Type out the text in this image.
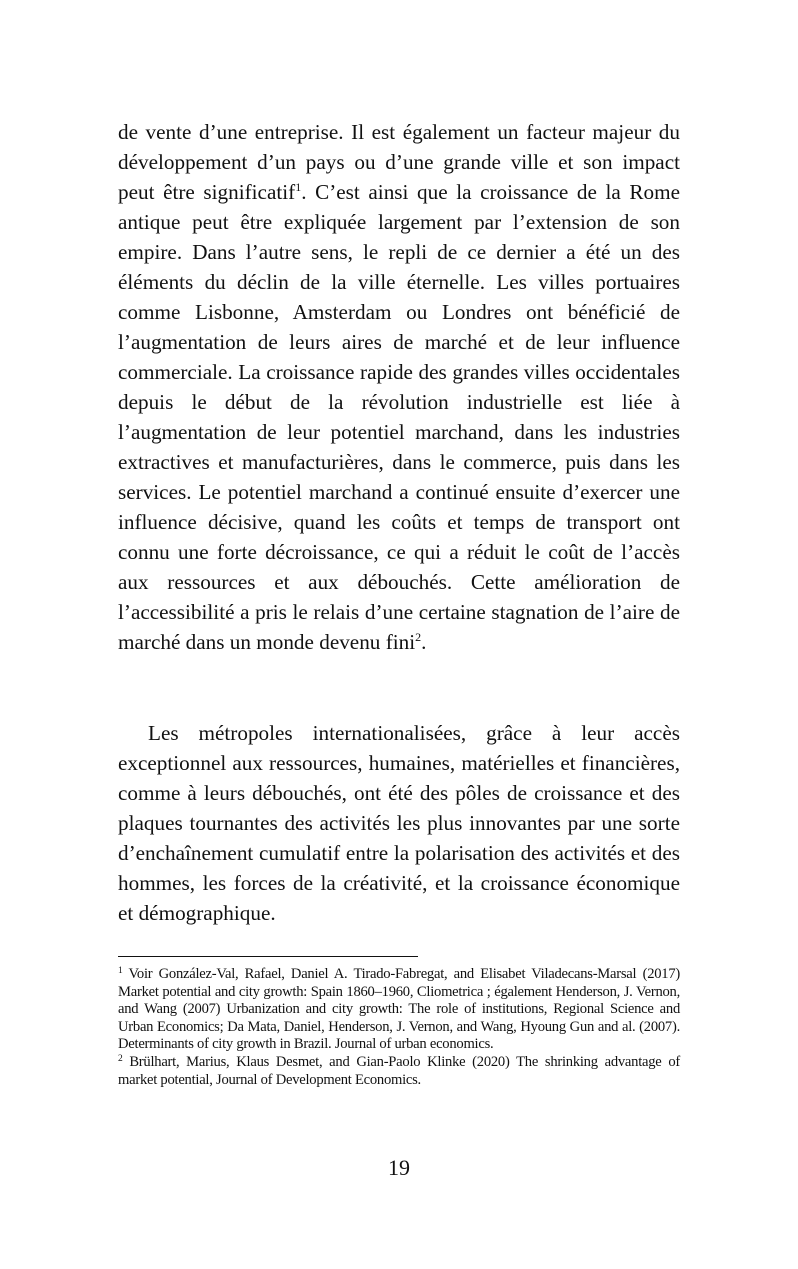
de vente d’une entreprise. Il est également un facteur majeur du développement d’un pays ou d’une grande ville et son impact peut être significatif$^1$. C’est ainsi que la croissance de la Rome antique peut être expliquée largement par l’extension de son empire. Dans l’autre sens, le repli de ce dernier a été un des éléments du déclin de la ville éternelle. Les villes portuaires comme Lisbonne, Amsterdam ou Londres ont bénéficié de l’augmentation de leurs aires de marché et de leur influence commerciale. La croissance rapide des grandes villes occidentales depuis le début de la révolution industrielle est liée à l’augmentation de leur potentiel marchand, dans les industries extractives et manufacturières, dans le commerce, puis dans les services. Le potentiel marchand a continué ensuite d’exercer une influence décisive, quand les coûts et temps de transport ont connu une forte décroissance, ce qui a réduit le coût de l’accès aux ressources et aux débouchés. Cette amélioration de l’accessibilité a pris le relais d’une certaine stagnation de l’aire de marché dans un monde devenu fini$^2$.

Les métropoles internationalisées, grâce à leur accès exceptionnel aux ressources, humaines, matérielles et financières, comme à leurs débouchés, ont été des pôles de croissance et des plaques tournantes des activités les plus innovantes par une sorte d’enchaînement cumulatif entre la polarisation des activités et des hommes, les forces de la créativité, et la croissance économique et démographique.

$^1$ Voir González-Val, Rafael, Daniel A. Tirado-Fabregat, and Elisabet Viladecans-Marsal (2017) Market potential and city growth: Spain 1860–1960, Cliometrica ; également Henderson, J. Vernon, and Wang (2007) Urbanization and city growth: The role of institutions, Regional Science and Urban Economics; Da Mata, Daniel, Henderson, J. Vernon, and Wang, Hyoung Gun and al. (2007). Determinants of city growth in Brazil. Journal of urban economics.

$^2$ Brülhart, Marius, Klaus Desmet, and Gian-Paolo Klinke (2020) The shrinking advantage of market potential, Journal of Development Economics.

19
